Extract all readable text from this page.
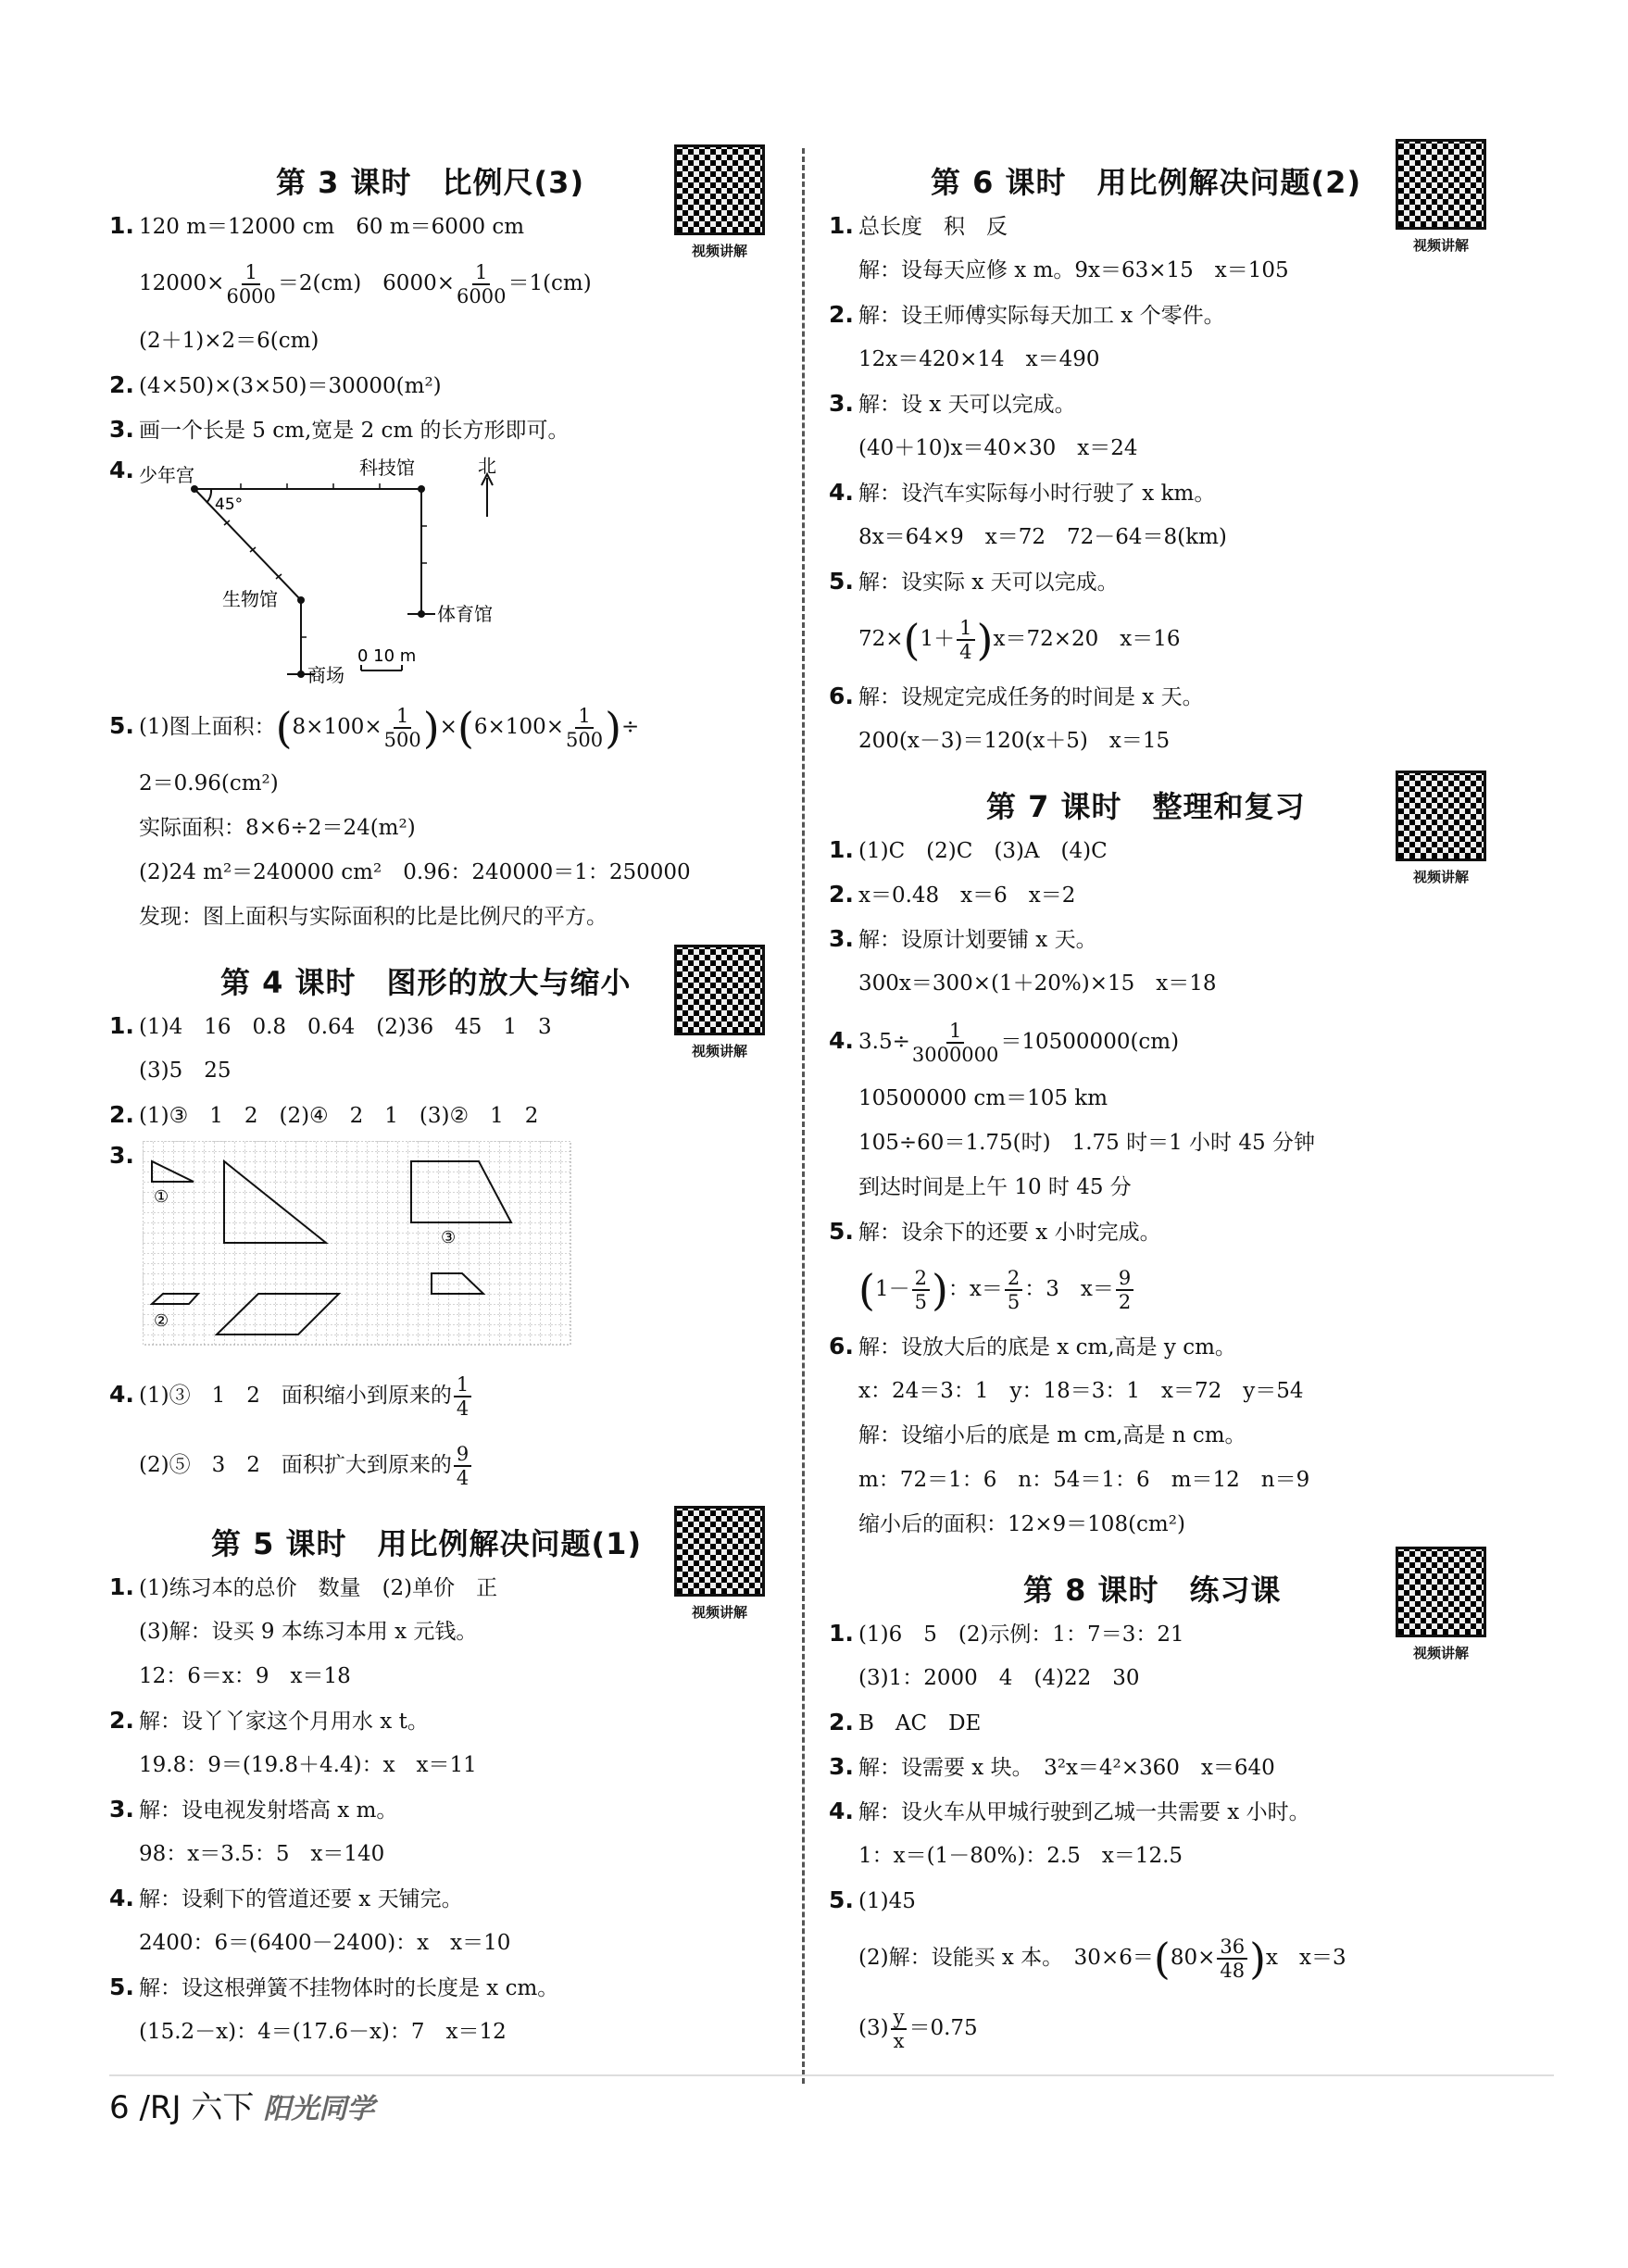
第 3 课时　比例尺(3)
视频讲解
1. 120 m＝12000 cm　60 m＝6000 cm
$12000\times \frac{1}{6000} =2(cm)$　$6000\times \frac{1}{6000} =1(cm)$
(2＋1)×2＝6(cm)
2. (4×50)×(3×50)＝30000(m²)
3. 画一个长是 5 cm,宽是 2 cm 的长方形即可。
4. 少年宫	科技馆	北
45°
生物馆
体育馆
商场
0 10 m
5. (1)图上面积：$(8\times 100\times \frac{1}{500} )\times(6\times 100\times \frac{1}{500}$ )÷
2＝0.96(cm²)
实际面积：8×6÷2＝24(m²)
(2)24 m²＝240000 cm²　0.96：240000＝1：250000
发现：图上面积与实际面积的比是比例尺的平方。
第 4 课时　图形的放大与缩小
视频讲解
1. (1)4　16　0.8　0.64　(2)36　45　1　3
(3)5　25
2. (1)③　1　2　(2)④　2　1　(3)②　1　2
3.
①
②
③
4. (1)③　1　2　面积缩小到原来的 $\frac{1}{4}$
(2)⑤　3　2　面积扩大到原来的 $\frac{9}{4}$
第 5 课时　用比例解决问题(1)
视频讲解
1. (1)练习本的总价　数量　(2)单价　正
(3)解：设买 9 本练习本用 x 元钱。
12：6＝x：9　x＝18
2. 解：设丫丫家这个月用水 x t。
19.8：9＝(19.8＋4.4)：x　x＝11
3. 解：设电视发射塔高 x m。
98：x＝3.5：5　x＝140
4. 解：设剩下的管道还要 x 天铺完。
2400：6＝(6400－2400)：x　x＝10
5. 解：设这根弹簧不挂物体时的长度是 x cm。
(15.2－x)：4＝(17.6－x)：7　x＝12
第 6 课时　用比例解决问题(2)
视频讲解
1. 总长度　积　反
解：设每天应修 x m。9x＝63×15　x＝105
2. 解：设王师傅实际每天加工 x 个零件。
12x＝420×14　x＝490
3. 解：设 x 天可以完成。
(40＋10)x＝40×30　x＝24
4. 解：设汽车实际每小时行驶了 x km。
8x＝64×9　x＝72　72－64＝8(km)
5. 解：设实际 x 天可以完成。
$72\times(1+ \frac{1}{4} )x=72\times 20$　x＝16
6. 解：设规定完成任务的时间是 x 天。
200(x－3)＝120(x＋5)　x＝15
第 7 课时　整理和复习
视频讲解
1. (1)C　(2)C　(3)A　(4)C
2. x＝0.48　x＝6　x＝2
3. 解：设原计划要铺 x 天。
300x＝300×(1＋20%)×15　x＝18
4. $3.5\div \frac{1}{3000000} =10500000(cm)$
10500000 cm＝105 km
105÷60＝1.75(时)　1.75 时＝1 小时 45 分钟
到达时间是上午 10 时 45 分
5. 解：设余下的还要 x 小时完成。
($1- \frac{2}{5}$ )：$x= \frac{2}{5}$ ：3　$x= \frac{9}{2}$
6. 解：设放大后的底是 x cm,高是 y cm。
x：24＝3：1　y：18＝3：1　x＝72　y＝54
解：设缩小后的底是 m cm,高是 n cm。
m：72＝1：6　n：54＝1：6　m＝12　n＝9
缩小后的面积：12×9＝108(cm²)
第 8 课时　练习课
视频讲解
1. (1)6　5　(2)示例：1：7＝3：21
(3)1：2000　4　(4)22　30
2. B　AC　DE
3. 解：设需要 x 块。　3²x＝4²×360　x＝640
4. 解：设火车从甲城行驶到乙城一共需要 x 小时。
1：x＝(1－80%)：2.5　x＝12.5
5. (1)45
(2)解：设能买 x 本。　$30\times 6=(80\times \frac{36}{48} )x$　x＝3
$(3) \frac{y}{x} =0.75$
6 /RJ 六下 阳光同学
